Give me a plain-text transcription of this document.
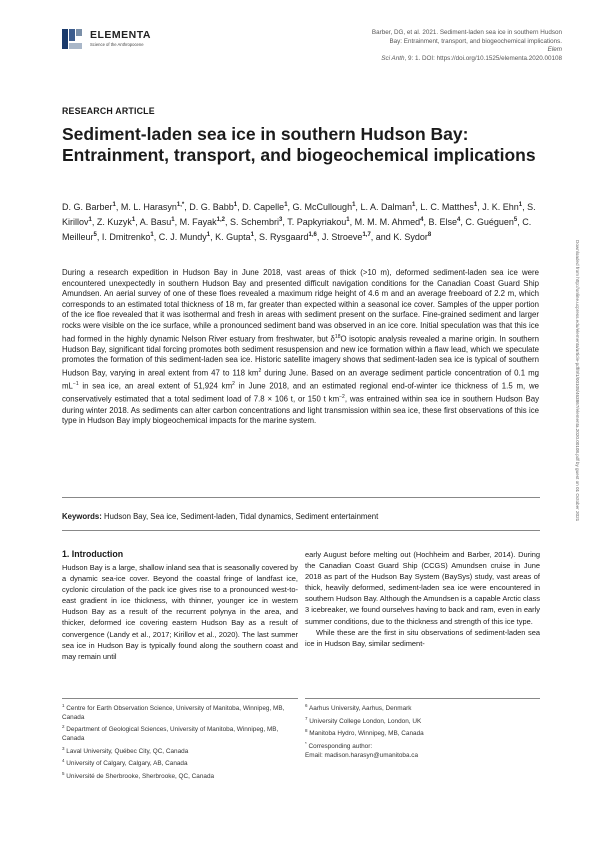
ELEMENTA
Science of the Anthropocene
Barber, DG, et al. 2021. Sediment-laden sea ice in southern Hudson
Bay: Entrainment, transport, and biogeochemical implications.
Elem
Sci Anth, 9: 1. DOI: https://doi.org/10.1525/elementa.2020.00108
RESEARCH ARTICLE
Sediment-laden sea ice in southern Hudson Bay: Entrainment, transport, and biogeochemical implications
D. G. Barber$^1$, M. L. Harasyn$^{1,*}$, D. G. Babb$^1$, D. Capelle$^1$, G. McCullough$^1$, L. A. Dalman$^1$, L. C. Matthes$^1$, J. K. Ehn$^1$, S. Kirillov$^1$, Z. Kuzyk$^1$, A. Basu$^1$, M. Fayak$^{1,2}$, S. Schembri$^3$, T. Papkyriakou$^1$, M. M. M. Ahmed$^4$, B. Else$^4$, C. Guéguen$^5$, C. Meilleur$^5$, I. Dmitrenko$^1$, C. J. Mundy$^1$, K. Gupta$^1$, S. Rysgaard$^{1,6}$, J. Stroeve$^{1,7}$, and K. Sydor$^8$
During a research expedition in Hudson Bay in June 2018, vast areas of thick (>10 m), deformed sediment-laden sea ice were encountered unexpectedly in southern Hudson Bay and presented difficult navigation conditions for the Canadian Coast Guard Ship Amundsen. An aerial survey of one of these floes revealed a maximum ridge height of 4.6 m and an average freeboard of 2.2 m, which corresponds to an estimated total thickness of 18 m, far greater than expected within a seasonal ice cover. Samples of the upper portion of the ice floe revealed that it was isothermal and fresh in areas with sediment present on the surface. Fine-grained sediment and larger rocks were visible on the ice surface, while a pronounced sediment band was observed in an ice core. Initial speculation was that this ice had formed in the highly dynamic Nelson River estuary from freshwater, but $\delta^{18}O$ isotopic analysis revealed a marine origin. In southern Hudson Bay, significant tidal forcing promotes both sediment resuspension and new ice formation within a flaw lead, which we speculate promotes the formation of this sediment-laden sea ice. Historic satellite imagery shows that sediment-laden sea ice is typical of southern Hudson Bay, varying in areal extent from 47 to 118 $km^2$ during June. Based on an average sediment particle concentration of 0.1 mg $mL^{-1}$ in sea ice, an areal extent of 51,924 $km^2$ in June 2018, and an estimated regional end-of-winter ice thickness of 1.5 m, we conservatively estimated that a total sediment load of 7.8 × 106 t, or 150 t $km^{-2}$, was entrained within sea ice in southern Hudson Bay during winter 2018. As sediments can alter carbon concentrations and light transmission within sea ice, these first observations of this ice type in Hudson Bay imply biogeochemical impacts for the marine system.
Keywords: Hudson Bay, Sea ice, Sediment-laden, Tidal dynamics, Sediment entertainment
1. Introduction
Hudson Bay is a large, shallow inland sea that is seasonally covered by a dynamic sea-ice cover. Beyond the coastal fringe of landfast ice, cyclonic circulation of the pack ice gives rise to a pronounced west-to-east gradient in ice thickness, with thinner, younger ice in western Hudson Bay as a result of the recurrent polynya in the area, and thicker, deformed ice covering eastern Hudson Bay as a result of convergence (Landy et al., 2017; Kirillov et al., 2020). The last summer sea ice in Hudson Bay is typically found along the southern coast and may remain until

early August before melting out (Hochheim and Barber, 2014). During the Canadian Coast Guard Ship (CCGS) Amundsen cruise in June 2018 as part of the Hudson Bay System (BaySys) study, vast areas of thick, heavily deformed, sediment-laden sea ice were encountered in southern Hudson Bay. Although the Amundsen is a capable Arctic class 3 icebreaker, we found ourselves having to back and ram, even in early summer conditions, due to the thickness and strength of this ice type.

While these are the first in situ observations of sediment-laden sea ice in Hudson Bay, similar sediment-

$^1$ Centre for Earth Observation Science, University of Manitoba, Winnipeg, MB, Canada
$^2$ Department of Geological Sciences, University of Manitoba, Winnipeg, MB, Canada
$^3$ Laval University, Québec City, QC, Canada
$^4$ University of Calgary, Calgary, AB, Canada
$^5$ Université de Sherbrooke, Sherbrooke, QC, Canada
$^6$ Aarhus University, Aarhus, Denmark
$^7$ University College London, London, UK
$^8$ Manitoba Hydro, Winnipeg, MB, Canada
* Corresponding author:
Email: madison.harasyn@umanitoba.ca
Downloaded from http://online.ucpress.edu/elementa/article-pdf/9/1/00108/463867/elementa.2020.00108.pdf by guest on 01 October 2021
